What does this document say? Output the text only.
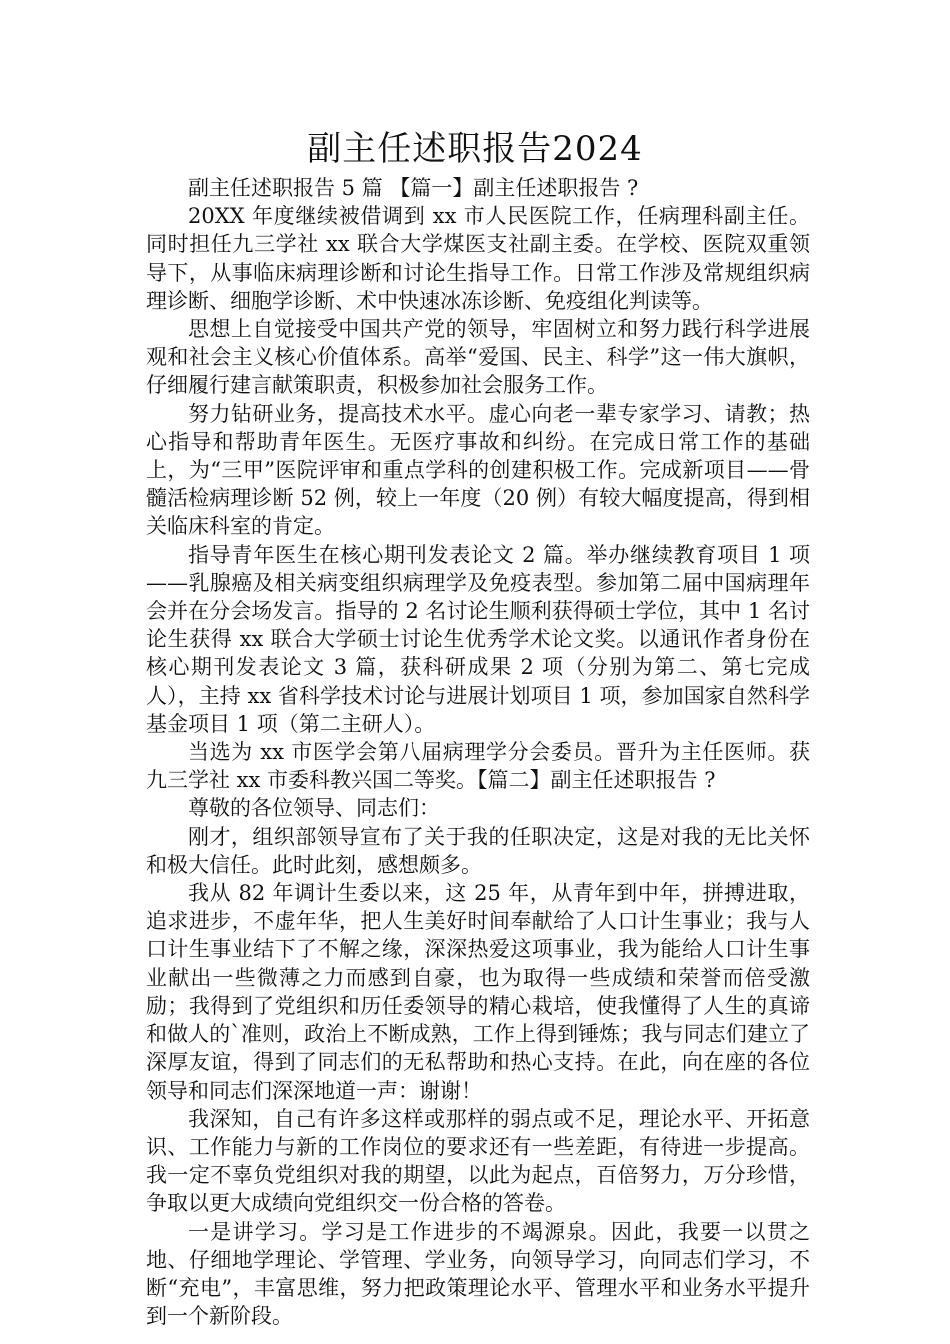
副主任述职报告2024

副主任述职报告 5 篇 【篇一】副主任述职报告 ?

20XX 年度继续被借调到 xx 市人民医院工作，任病理科副主任。同时担任九三学社 xx 联合大学煤医支社副主委。在学校、医院双重领导下，从事临床病理诊断和讨论生指导工作。日常工作涉及常规组织病理诊断、细胞学诊断、术中快速冰冻诊断、免疫组化判读等。

思想上自觉接受中国共产党的领导，牢固树立和努力践行科学进展观和社会主义核心价值体系。高举“爱国、民主、科学”这一伟大旗帜，仔细履行建言献策职责，积极参加社会服务工作。

努力钻研业务，提高技术水平。虚心向老一辈专家学习、请教；热心指导和帮助青年医生。无医疗事故和纠纷。在完成日常工作的基础上，为“三甲”医院评审和重点学科的创建积极工作。完成新项目——骨髓活检病理诊断 52 例，较上一年度（20 例）有较大幅度提高，得到相关临床科室的肯定。

指导青年医生在核心期刊发表论文 2 篇。举办继续教育项目 1 项——乳腺癌及相关病变组织病理学及免疫表型。参加第二届中国病理年会并在分会场发言。指导的 2 名讨论生顺利获得硕士学位，其中 1 名讨论生获得 xx 联合大学硕士讨论生优秀学术论文奖。以通讯作者身份在核心期刊发表论文 3 篇，获科研成果 2 项（分别为第二、第七完成人），主持 xx 省科学技术讨论与进展计划项目 1 项，参加国家自然科学基金项目 1 项（第二主研人）。

当选为 xx 市医学会第八届病理学分会委员。晋升为主任医师。获九三学社 xx 市委科教兴国二等奖。【篇二】副主任述职报告 ?

尊敬的各位领导、同志们：

刚才，组织部领导宣布了关于我的任职决定，这是对我的无比关怀和极大信任。此时此刻，感想颇多。

我从 82 年调计生委以来，这 25 年，从青年到中年，拼搏进取，追求进步，不虚年华，把人生美好时间奉献给了人口计生事业；我与人口计生事业结下了不解之缘，深深热爱这项事业，我为能给人口计生事业献出一些微薄之力而感到自豪，也为取得一些成绩和荣誉而倍受激励；我得到了党组织和历任委领导的精心栽培，使我懂得了人生的真谛和做人的`准则，政治上不断成熟，工作上得到锤炼；我与同志们建立了深厚友谊，得到了同志们的无私帮助和热心支持。在此，向在座的各位领导和同志们深深地道一声：谢谢！

我深知，自己有许多这样或那样的弱点或不足，理论水平、开拓意识、工作能力与新的工作岗位的要求还有一些差距，有待进一步提高。我一定不辜负党组织对我的期望，以此为起点，百倍努力，万分珍惜，争取以更大成绩向党组织交一份合格的答卷。

一是讲学习。学习是工作进步的不竭源泉。因此，我要一以贯之地、仔细地学理论、学管理、学业务，向领导学习，向同志们学习，不断“充电”，丰富思维，努力把政策理论水平、管理水平和业务水平提升到一个新阶段。
